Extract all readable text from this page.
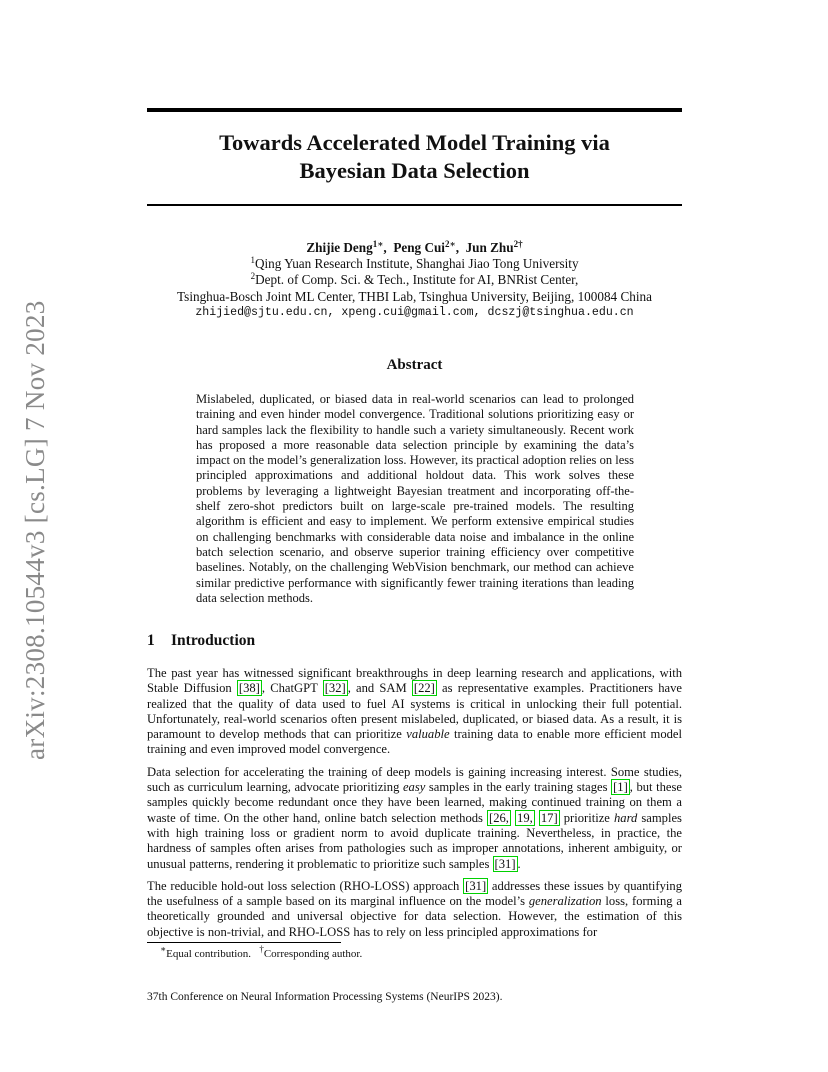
arXiv:2308.10544v3 [cs.LG] 7 Nov 2023
Towards Accelerated Model Training via
Bayesian Data Selection
Zhijie Deng$^{1∗}$,  Peng Cui$^{2∗}$,  Jun Zhu$^{2\dagger}$
$^1$Qing Yuan Research Institute, Shanghai Jiao Tong University
$^2$Dept. of Comp. Sci. & Tech., Institute for AI, BNRist Center,
Tsinghua-Bosch Joint ML Center, THBI Lab, Tsinghua University, Beijing, 100084 China
zhijied@sjtu.edu.cn, xpeng.cui@gmail.com, dcszj@tsinghua.edu.cn
Abstract
Mislabeled, duplicated, or biased data in real-world scenarios can lead to prolonged training and even hinder model convergence. Traditional solutions prioritizing easy or hard samples lack the flexibility to handle such a variety simultaneously. Recent work has proposed a more reasonable data selection principle by examining the data’s impact on the model’s generalization loss. However, its practical adoption relies on less principled approximations and additional holdout data. This work solves these problems by leveraging a lightweight Bayesian treatment and incorporating off-the-shelf zero-shot predictors built on large-scale pre-trained models. The resulting algorithm is efficient and easy to implement. We perform extensive empirical studies on challenging benchmarks with considerable data noise and imbalance in the online batch selection scenario, and observe superior training efficiency over competitive baselines. Notably, on the challenging WebVision benchmark, our method can achieve similar predictive performance with significantly fewer training iterations than leading data selection methods.
1 Introduction

The past year has witnessed significant breakthroughs in deep learning research and applications, with Stable Diffusion [38] , ChatGPT [32] , and SAM [22] as representative examples. Practitioners have realized that the quality of data used to fuel AI systems is critical in unlocking their full potential. Unfortunately, real-world scenarios often present mislabeled, duplicated, or biased data. As a result, it is paramount to develop methods that can prioritize valuable training data to enable more efficient model training and even improved model convergence.

Data selection for accelerating the training of deep models is gaining increasing interest. Some studies, such as curriculum learning, advocate prioritizing easy samples in the early training stages [1] , but these samples quickly become redundant once they have been learned, making continued training on them a waste of time. On the other hand, online batch selection methods [26, 19, 17] prioritize hard samples with high training loss or gradient norm to avoid duplicate training. Nevertheless, in practice, the hardness of samples often arises from pathologies such as improper annotations, inherent ambiguity, or unusual patterns, rendering it problematic to prioritize such samples [31] .

The reducible hold-out loss selection (RHO-LOSS) approach [31] addresses these issues by quantifying the usefulness of a sample based on its marginal influence on the model’s generalization loss, forming a theoretically grounded and universal objective for data selection. However, the estimation of this objective is non-trivial, and RHO-LOSS has to rely on less principled approximations for

∗Equal contribution. †Corresponding author.
37th Conference on Neural Information Processing Systems (NeurIPS 2023).
